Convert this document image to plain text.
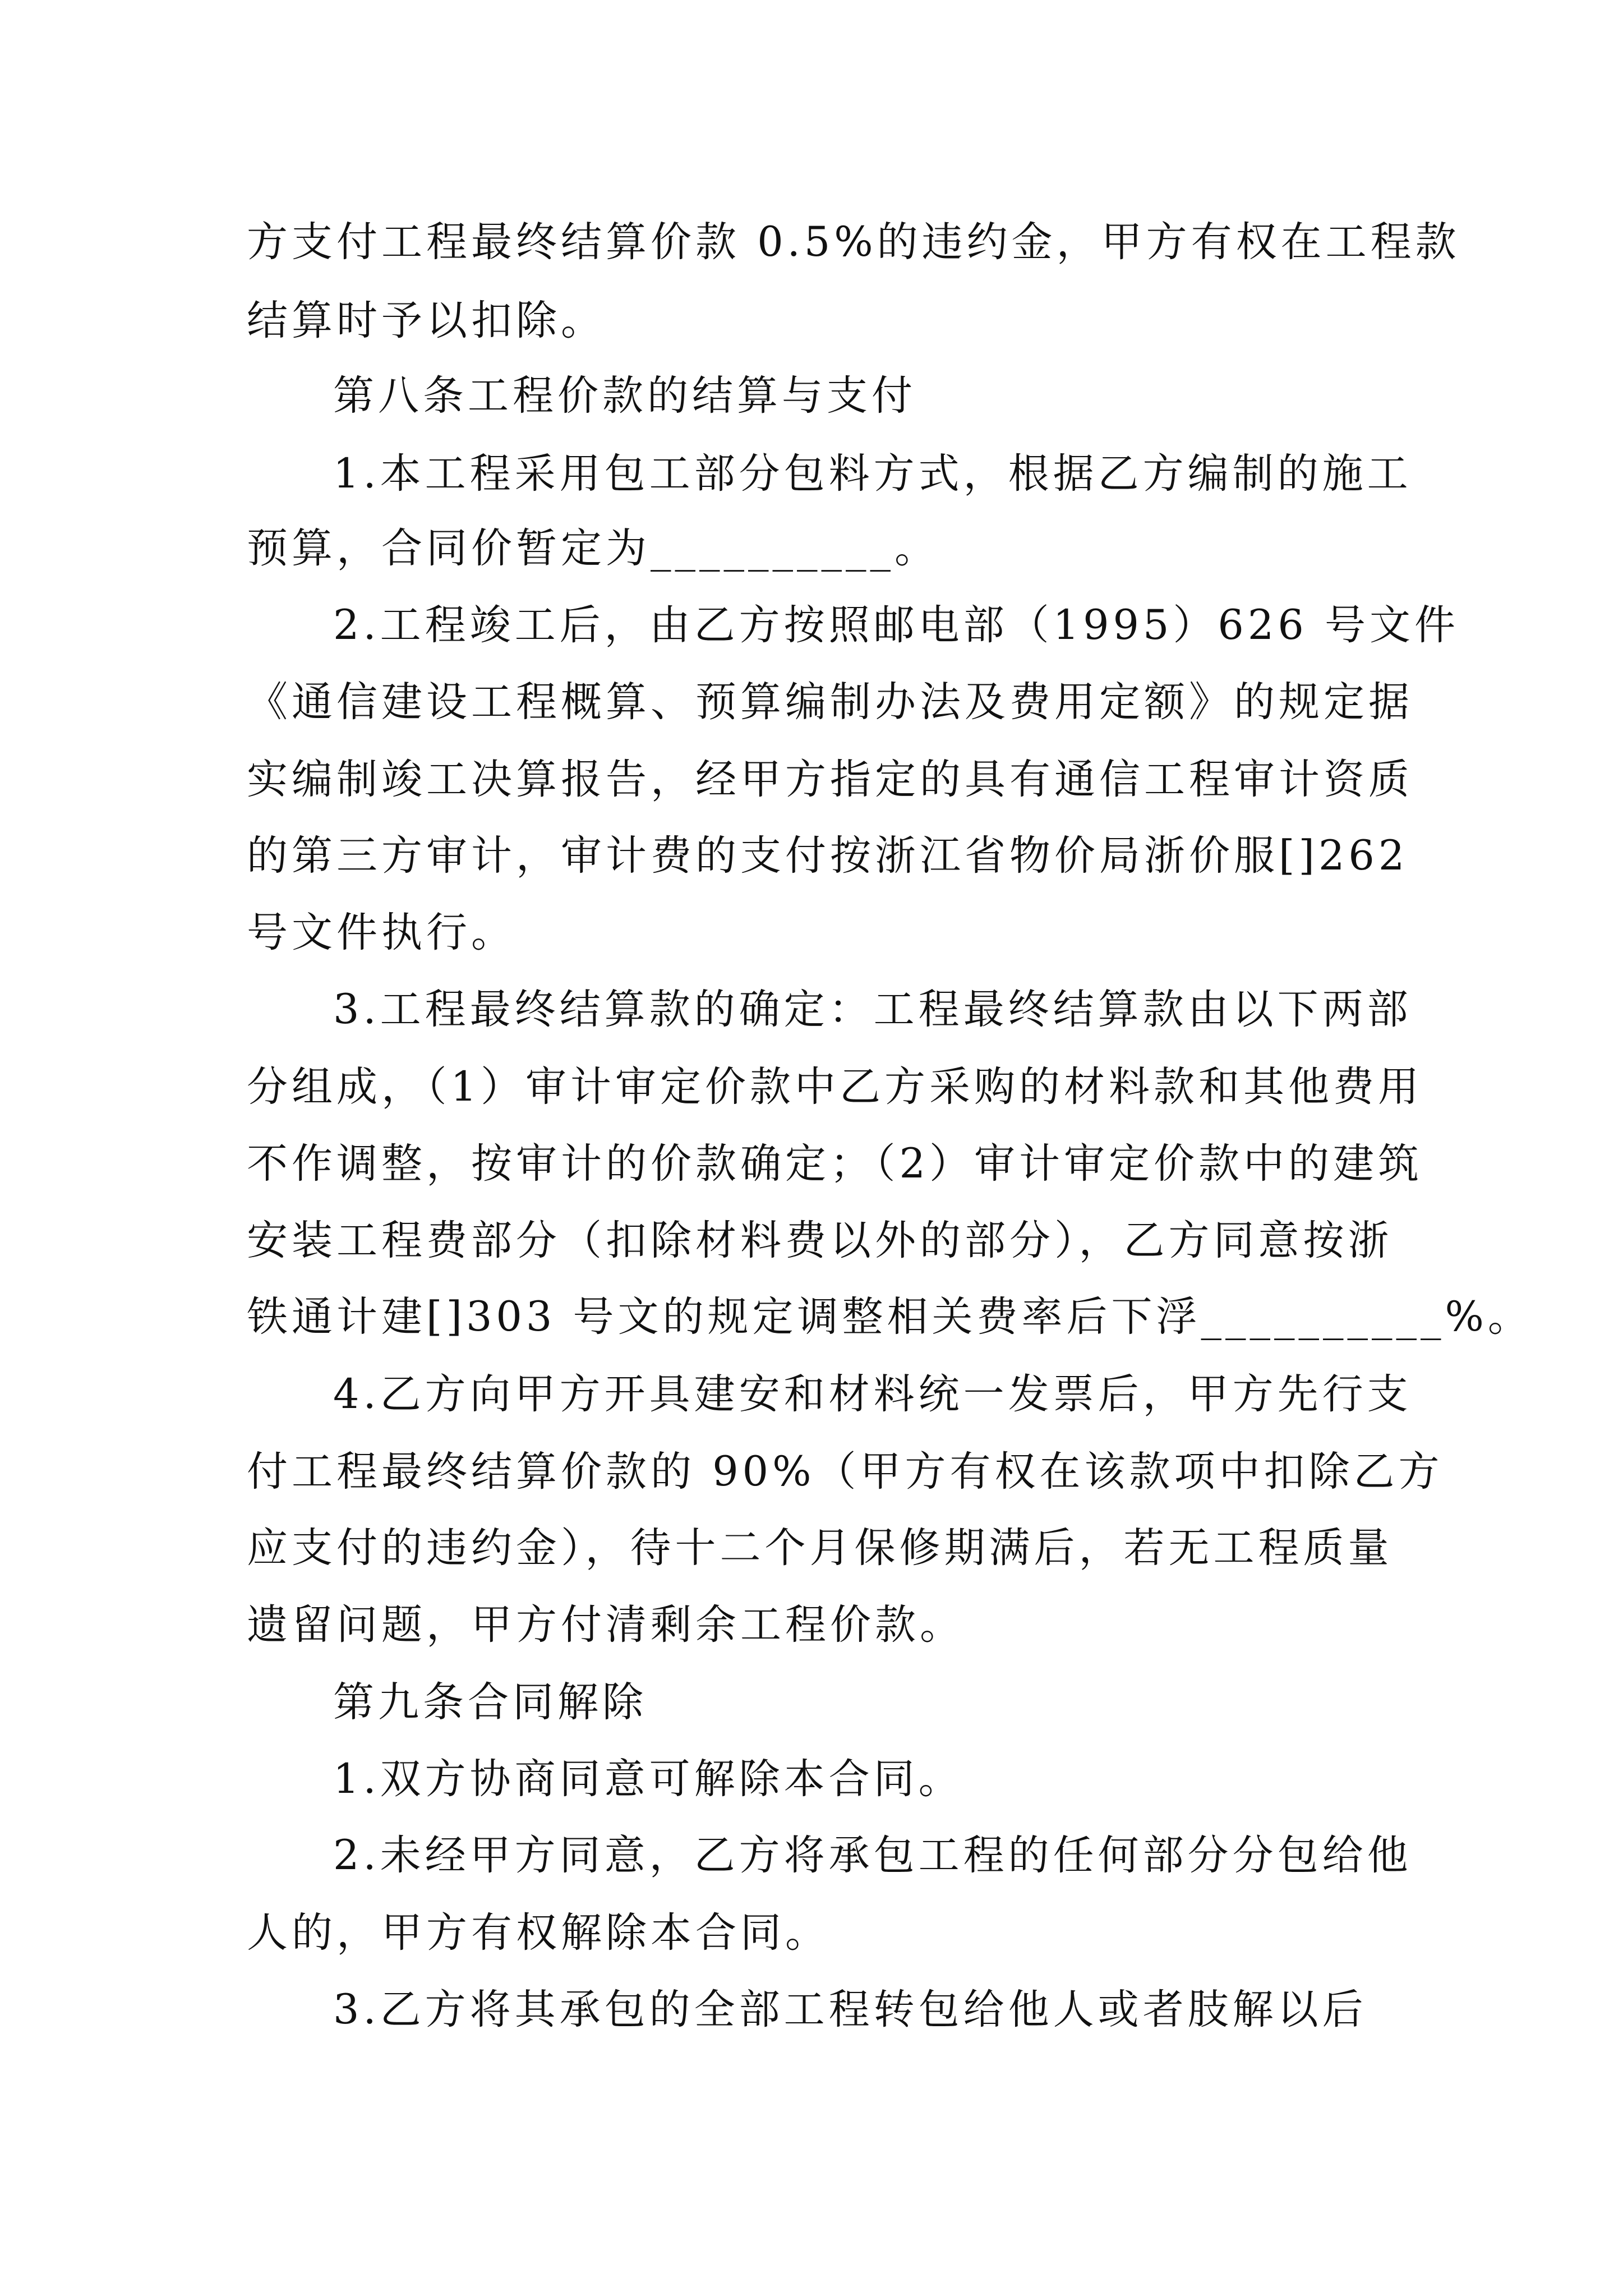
方支付工程最终结算价款 0.5%的违约金，甲方有权在工程款
结算时予以扣除。
第八条工程价款的结算与支付
1.本工程采用包工部分包料方式，根据乙方编制的施工
预算，合同价暂定为__________。
2.工程竣工后，由乙方按照邮电部（1995）626 号文件
《通信建设工程概算、预算编制办法及费用定额》的规定据
实编制竣工决算报告，经甲方指定的具有通信工程审计资质
的第三方审计，审计费的支付按浙江省物价局浙价服[]262
号文件执行。
3.工程最终结算款的确定：工程最终结算款由以下两部
分组成，（1）审计审定价款中乙方采购的材料款和其他费用
不作调整，按审计的价款确定；（2）审计审定价款中的建筑
安装工程费部分（扣除材料费以外的部分），乙方同意按浙
铁通计建[]303 号文的规定调整相关费率后下浮__________%。
4.乙方向甲方开具建安和材料统一发票后，甲方先行支
付工程最终结算价款的 90%（甲方有权在该款项中扣除乙方
应支付的违约金），待十二个月保修期满后，若无工程质量
遗留问题，甲方付清剩余工程价款。
第九条合同解除
1.双方协商同意可解除本合同。
2.未经甲方同意，乙方将承包工程的任何部分分包给他
人的，甲方有权解除本合同。
3.乙方将其承包的全部工程转包给他人或者肢解以后
